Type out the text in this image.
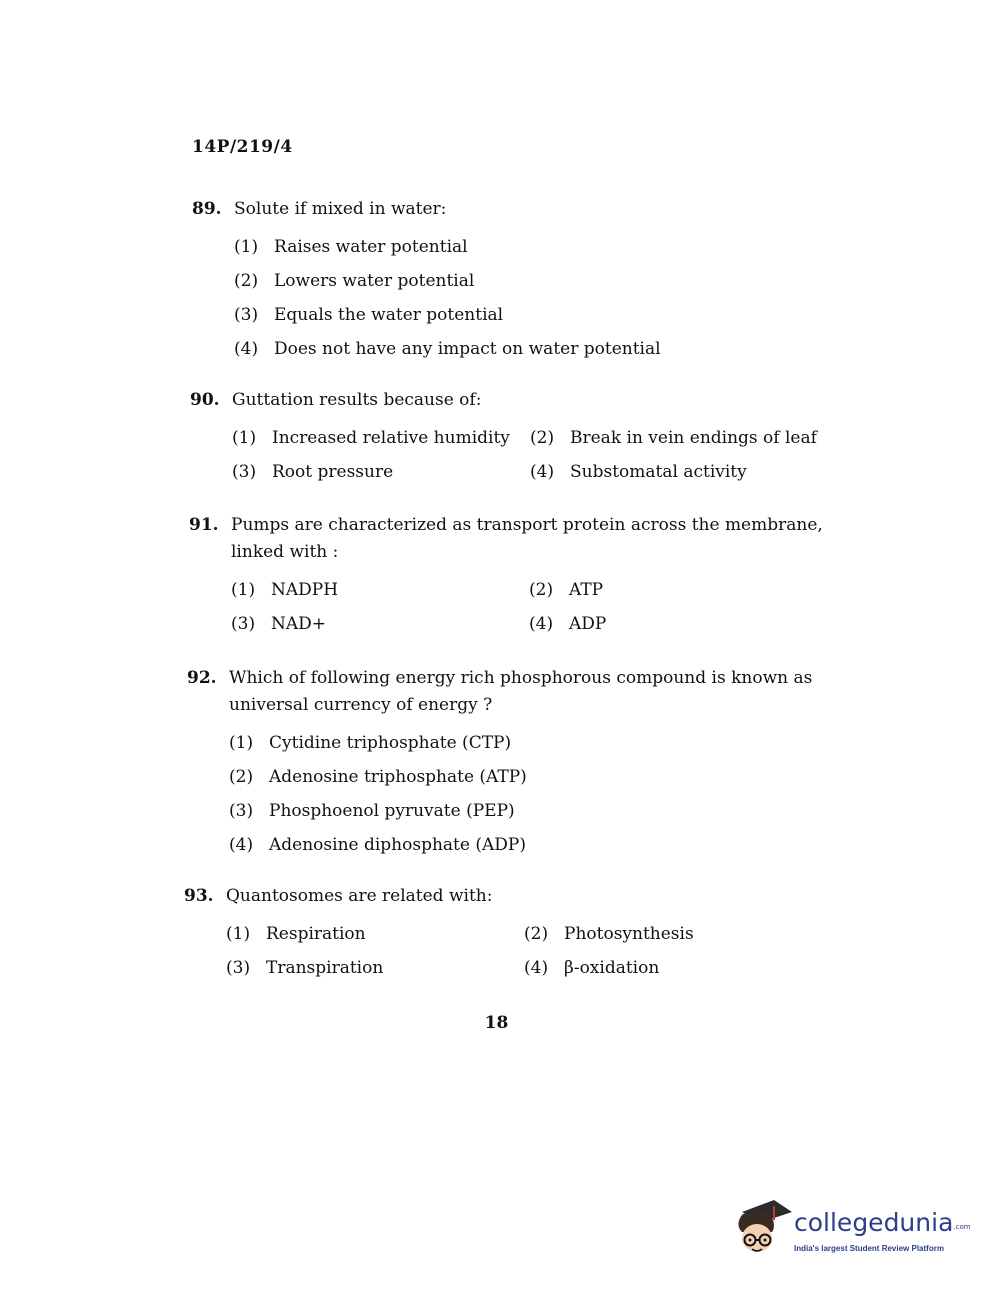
14P/219/4
89. Solute if mixed in water:
(1) Raises water potential
(2) Lowers water potential
(3) Equals the water potential
(4) Does not have any impact on water potential
90. Guttation results because of:
(1) Increased relative humidity (2) Break in vein endings of leaf
(3) Root pressure	(4) Substomatal activity
91. Pumps are characterized as transport protein across the membrane, linked with :
(1) NADPH	(2) ATP
(3) NAD+	(4) ADP
92. Which of following energy rich phosphorous compound is known as universal currency of energy ?
(1) Cytidine triphosphate (CTP)
(2) Adenosine triphosphate (ATP)
(3) Phosphoenol pyruvate (PEP)
(4) Adenosine diphosphate (ADP)
93. Quantosomes are related with:
(1) Respiration	(2) Photosynthesis
(3) Transpiration	(4) β-oxidation
18
collegedunia.com
India's largest Student Review Platform
